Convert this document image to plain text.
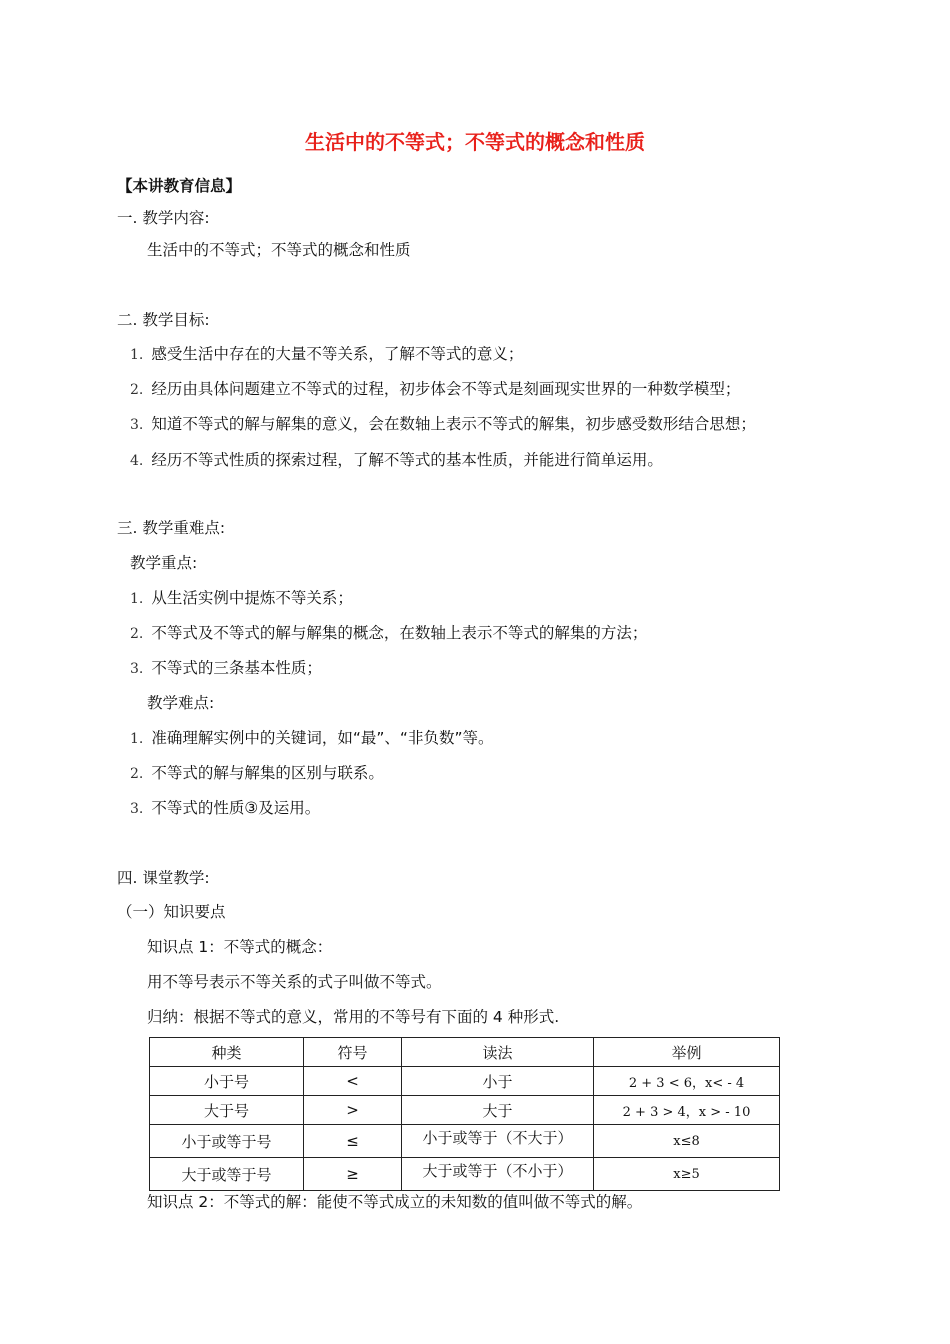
生活中的不等式；不等式的概念和性质
【本讲教育信息】
一. 教学内容:
生活中的不等式；不等式的概念和性质
二. 教学目标:
1. 感受生活中存在的大量不等关系，了解不等式的意义；
2. 经历由具体问题建立不等式的过程，初步体会不等式是刻画现实世界的一种数学模型；
3. 知道不等式的解与解集的意义，会在数轴上表示不等式的解集，初步感受数形结合思想；
4. 经历不等式性质的探索过程，了解不等式的基本性质，并能进行简单运用。
三. 教学重难点:
教学重点:
1. 从生活实例中提炼不等关系；
2. 不等式及不等式的解与解集的概念，在数轴上表示不等式的解集的方法；
3. 不等式的三条基本性质；
教学难点:
1. 准确理解实例中的关键词，如“最”、“非负数”等。
2. 不等式的解与解集的区别与联系。
3. 不等式的性质③及运用。
四. 课堂教学:
（一）知识要点
知识点 1：不等式的概念：
用不等号表示不等关系的式子叫做不等式。
归纳：根据不等式的意义，常用的不等号有下面的 4 种形式.
种类	符号	读法	举例
小于号	<	小于	2 + 3 < 6，x< - 4
大于号	>	大于	2 + 3 > 4，x > - 10
小于或等于号	≤	小于或等于（不大于）	x≤8
大于或等于号	≥	大于或等于（不小于）	x≥5
知识点 2：不等式的解：能使不等式成立的未知数的值叫做不等式的解。
